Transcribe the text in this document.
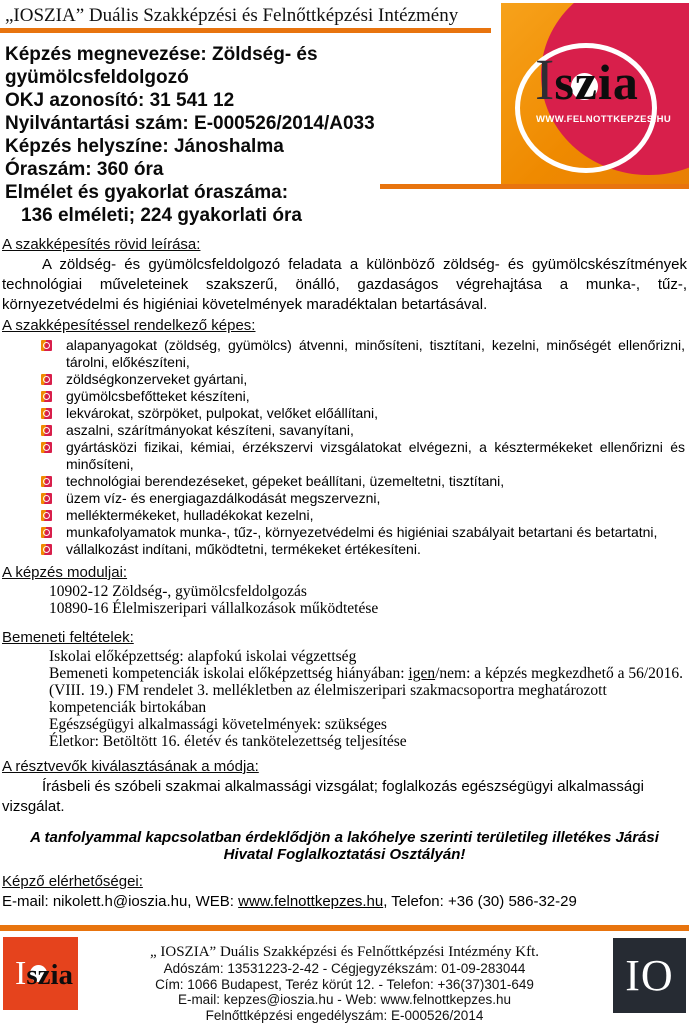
„IOSZIA” Duális Szakképzési és Felnőttképzési Intézmény
Iszia
WWW.FELNOTTKEPZES.HU
Képzés megnevezése: Zöldség- és
gyümölcsfeldolgozó
OKJ azonosító: 31 541 12
Nyilvántartási szám: E-000526/2014/A033
Képzés helyszíne: Jánoshalma
Óraszám: 360 óra
Elmélet és gyakorlat óraszáma:
136 elméleti; 224 gyakorlati óra
A szakképesítés rövid leírása:

A zöldség- és gyümölcsfeldolgozó feladata a különböző zöldség- és gyümölcskészítmények technológiai műveleteinek szakszerű, önálló, gazdaságos végrehajtása a munka-, tűz-, környezetvédelmi és higiéniai követelmények maradéktalan betartásával.

A szakképesítéssel rendelkező képes:
alapanyagokat (zöldség, gyümölcs) átvenni, minősíteni, tisztítani, kezelni, minőségét ellenőrizni, tárolni, előkészíteni,
zöldségkonzerveket gyártani,
gyümölcsbefőtteket készíteni,
lekvárokat, szörpöket, pulpokat, velőket előállítani,
aszalni, szárítmányokat készíteni, savanyítani,
gyártásközi fizikai, kémiai, érzékszervi vizsgálatokat elvégezni, a késztermékeket ellenőrizni és minősíteni,
technológiai berendezéseket, gépeket beállítani, üzemeltetni, tisztítani,
üzem víz- és energiagazdálkodását megszervezni,
melléktermékeket, hulladékokat kezelni,
munkafolyamatok munka-, tűz-, környezetvédelmi és higiéniai szabályait betartani és betartatni,
vállalkozást indítani, működtetni, termékeket értékesíteni.
A képzés moduljai:

10902-12 Zöldség-, gyümölcsfeldolgozás

10890-16 Élelmiszeripari vállalkozások működtetése

Bemeneti feltételek:

Iskolai előképzettség: alapfokú iskolai végzettség

Bemeneti kompetenciák iskolai előképzettség hiányában: igen/nem: a képzés megkezdhető a 56/2016. (VIII. 19.) FM rendelet 3. mellékletben az élelmiszeripari szakmacsoportra meghatározott kompetenciák birtokában

Egészségügyi alkalmassági követelmények: szükséges

Életkor: Betöltött 16. életév és tankötelezettség teljesítése

A résztvevők kiválasztásának a módja:

Írásbeli és szóbeli szakmai alkalmassági vizsgálat; foglalkozás egészségügyi alkalmassági vizsgálat.

A tanfolyammal kapcsolatban érdeklődjön a lakóhelye szerinti területileg illetékes Járási Hivatal Foglalkoztatási Osztályán!

Képző elérhetőségei:

E-mail: nikolett.h@ioszia.hu, WEB: www.felnottkepzes.hu, Telefon: +36 (30) 586-32-29

Iszia
„ IOSZIA” Duális Szakképzési és Felnőttképzési Intézmény Kft.
Adószám: 13531223-2-42 - Cégjegyzékszám: 01-09-283044
Cím: 1066 Budapest, Teréz körút 12. - Telefon: +36(37)301-649
E-mail: kepzes@ioszia.hu - Web: www.felnottkepzes.hu
Felnőttképzési engedélyszám: E-000526/2014
IO
